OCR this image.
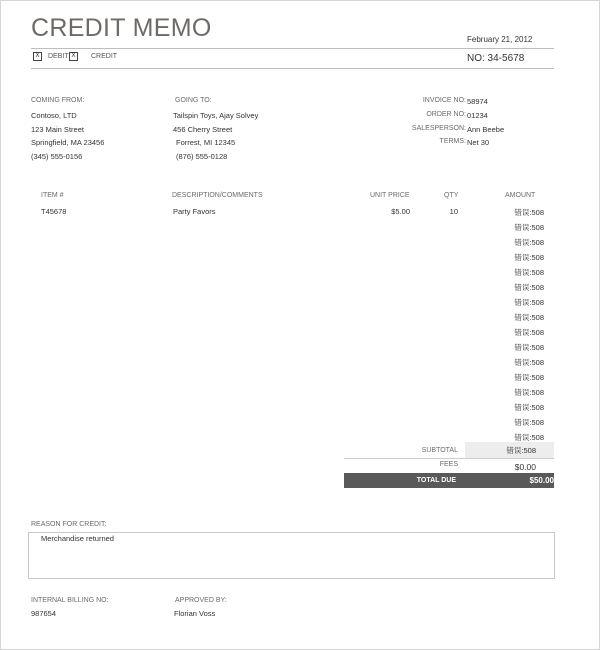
CREDIT MEMO	February 21, 2012
X	DEBIT X	CREDIT	NO: 34-5678
COMING FROM:
Contoso, LTD
123 Main Street
Springfield, MA 23456
(345) 555-0156
GOING TO:
Tailspin Toys, Ajay Solvey
456 Cherry Street
Forrest, MI 12345
(876) 555-0128
INVOICE NO: 58974
ORDER NO: 01234
SALESPERSON: Ann Beebe
TERMS: Net 30
ITEM #	DESCRIPTION/COMMENTS	UNIT PRICE	QTY	AMOUNT
T45678	Party Favors	$5.00	10	错误:508
错误:508
错误:508
错误:508
错误:508
错误:508
错误:508
错误:508
错误:508
错误:508
错误:508
错误:508
错误:508
错误:508
错误:508
错误:508
SUBTOTAL	错误:508
FEES	$0.00
TOTAL DUE	$50.00
REASON FOR CREDIT:
Merchandise returned
INTERNAL BILLING NO:
987654
APPROVED BY:
Florian Voss
